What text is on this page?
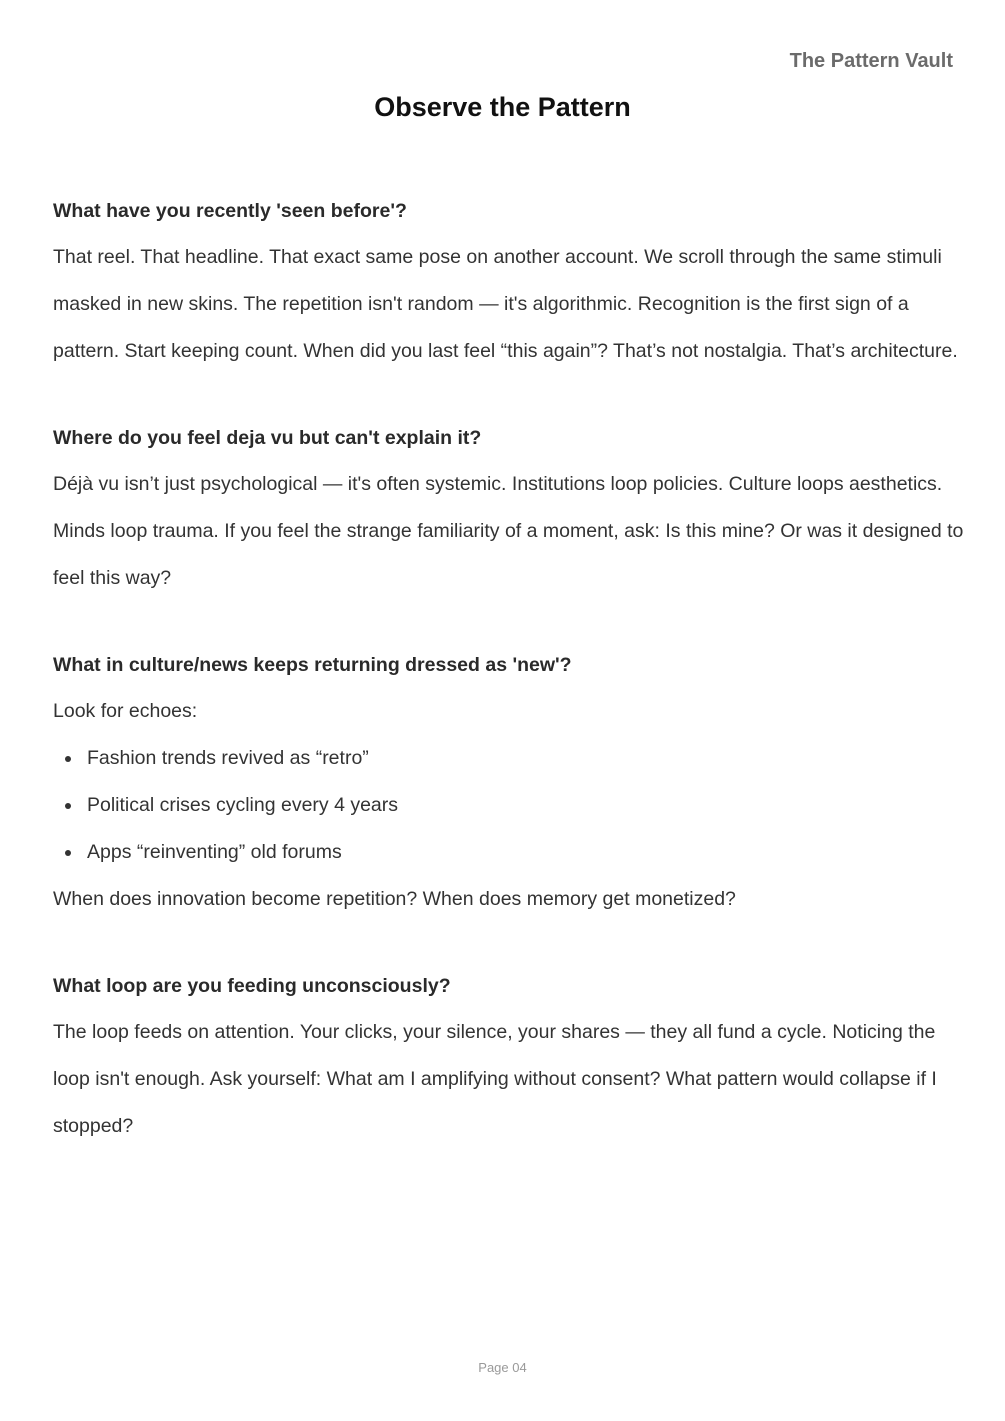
The Pattern Vault
Observe the Pattern
What have you recently 'seen before'?

That reel. That headline. That exact same pose on another account. We scroll through the same stimuli masked in new skins. The repetition isn't random — it's algorithmic. Recognition is the first sign of a pattern. Start keeping count. When did you last feel “this again”? That’s not nostalgia. That’s architecture.

Where do you feel deja vu but can't explain it?

Déjà vu isn’t just psychological — it's often systemic. Institutions loop policies. Culture loops aesthetics. Minds loop trauma. If you feel the strange familiarity of a moment, ask: Is this mine? Or was it designed to feel this way?

What in culture/news keeps returning dressed as 'new'?

Look for echoes:

Fashion trends revived as “retro”
Political crises cycling every 4 years
Apps “reinventing” old forums

When does innovation become repetition? When does memory get monetized?

What loop are you feeding unconsciously?

The loop feeds on attention. Your clicks, your silence, your shares — they all fund a cycle. Noticing the loop isn't enough. Ask yourself: What am I amplifying without consent? What pattern would collapse if I stopped?

Page 04
